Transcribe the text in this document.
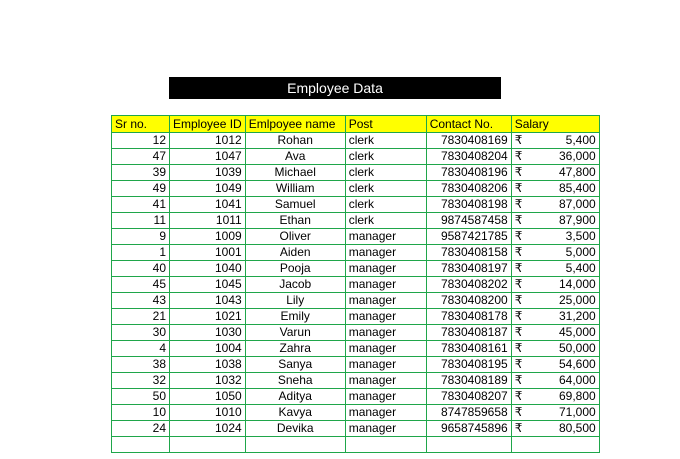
Employee Data
Sr no.	Employee ID	Emlpoyee name	Post	Contact No.	Salary
12	1012	Rohan	clerk	7830408169	₹ 5,400

47	1047	Ava	clerk	7830408204	₹ 36,000

39	1039	Michael	clerk	7830408196	₹ 47,800

49	1049	William	clerk	7830408206	₹ 85,400

41	1041	Samuel	clerk	7830408198	₹ 87,000

11	1011	Ethan	clerk	9874587458	₹ 87,900

9	1009	Oliver	manager	9587421785	₹ 3,500

1	1001	Aiden	manager	7830408158	₹ 5,000

40	1040	Pooja	manager	7830408197	₹ 5,400

45	1045	Jacob	manager	7830408202	₹ 14,000

43	1043	Lily	manager	7830408200	₹ 25,000

21	1021	Emily	manager	7830408178	₹ 31,200

30	1030	Varun	manager	7830408187	₹ 45,000

4	1004	Zahra	manager	7830408161	₹ 50,000

38	1038	Sanya	manager	7830408195	₹ 54,600

32	1032	Sneha	manager	7830408189	₹ 64,000

50	1050	Aditya	manager	7830408207	₹ 69,800

10	1010	Kavya	manager	8747859658	₹ 71,000

24	1024	Devika	manager	9658745896	₹ 80,500
